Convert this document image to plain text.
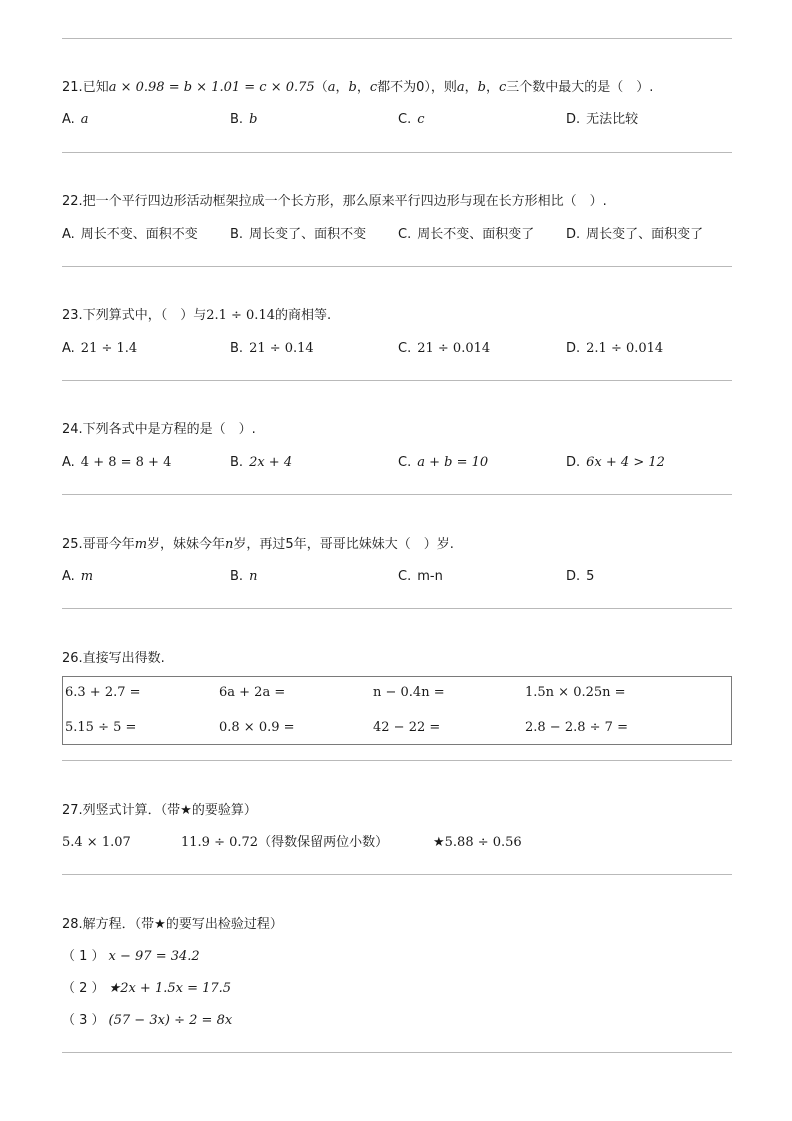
21.已知a × 0.98 = b × 1.01 = c × 0.75（a，b，c都不为0），则a，b，c三个数中最大的是（　）.
A. a	B. b	C. c	D. 无法比较
22.把一个平行四边形活动框架拉成一个长方形，那么原来平行四边形与现在长方形相比（　）.
A. 周长不变、面积不变 B. 周长变了、面积不变 C. 周长不变、面积变了 D. 周长变了、面积变了
23.下列算式中，（　）与2.1 ÷ 0.14的商相等.
A. 21 ÷ 1.4	B. 21 ÷ 0.14	C. 21 ÷ 0.014	D. 2.1 ÷ 0.014
24.下列各式中是方程的是（　）.
A. 4 + 8 = 8 + 4	B. 2x + 4	C. a + b = 10	D. 6x + 4 > 12
25.哥哥今年m岁，妹妹今年n岁，再过5年，哥哥比妹妹大（　）岁.
A. m	B. n	C. m-n	D. 5
26.直接写出得数.
6.3 + 2.7 =	6a + 2a =	n − 0.4n =	1.5n × 0.25n =
5.15 ÷ 5 =	0.8 × 0.9 =	42 − 22 =	2.8 − 2.8 ÷ 7 =
27.列竖式计算．（带★的要验算）
5.4 × 1.07	11.9 ÷ 0.72（得数保留两位小数）	★5.88 ÷ 0.56
28.解方程．（带★的要写出检验过程）
（ 1 ） x − 97 = 34.2
（ 2 ） ★2x + 1.5x = 17.5
（ 3 ） (57 − 3x) ÷ 2 = 8x
